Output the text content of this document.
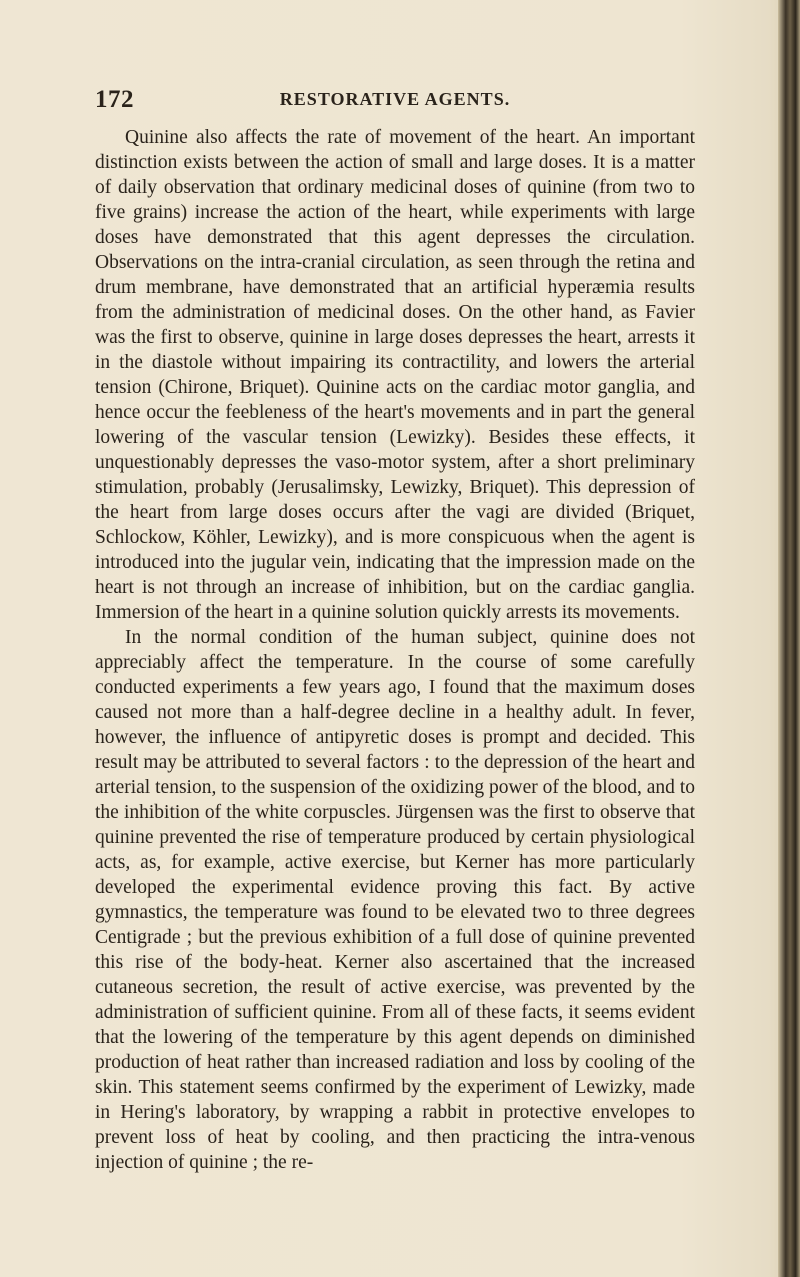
172	RESTORATIVE AGENTS.

Quinine also affects the rate of movement of the heart. An important distinction exists between the action of small and large doses. It is a matter of daily observation that ordinary medicinal doses of quinine (from two to five grains) increase the action of the heart, while experiments with large doses have demonstrated that this agent depresses the circulation. Observations on the intra-cranial circulation, as seen through the retina and drum membrane, have demonstrated that an artificial hyperæmia results from the administration of medicinal doses. On the other hand, as Favier was the first to observe, quinine in large doses depresses the heart, arrests it in the diastole without impairing its contractility, and lowers the arterial tension (Chirone, Briquet). Quinine acts on the cardiac motor ganglia, and hence occur the feebleness of the heart's movements and in part the general lowering of the vascular tension (Lewizky). Besides these effects, it unquestionably depresses the vaso-motor system, after a short preliminary stimulation, probably (Jerusalimsky, Lewizky, Briquet). This depression of the heart from large doses occurs after the vagi are divided (Briquet, Schlockow, Köhler, Lewizky), and is more conspicuous when the agent is introduced into the jugular vein, indicating that the impression made on the heart is not through an increase of inhibition, but on the cardiac ganglia. Immersion of the heart in a quinine solution quickly arrests its movements.

In the normal condition of the human subject, quinine does not appreciably affect the temperature. In the course of some carefully conducted experiments a few years ago, I found that the maximum doses caused not more than a half-degree decline in a healthy adult. In fever, however, the influence of antipyretic doses is prompt and decided. This result may be attributed to several factors : to the depression of the heart and arterial tension, to the suspension of the oxidizing power of the blood, and to the inhibition of the white corpuscles. Jürgensen was the first to observe that quinine prevented the rise of temperature produced by certain physiological acts, as, for example, active exercise, but Kerner has more particularly developed the experimental evidence proving this fact. By active gymnastics, the temperature was found to be elevated two to three degrees Centigrade ; but the previous exhibition of a full dose of quinine prevented this rise of the body-heat. Kerner also ascertained that the increased cutaneous secretion, the result of active exercise, was prevented by the administration of sufficient quinine. From all of these facts, it seems evident that the lowering of the temperature by this agent depends on diminished production of heat rather than increased radiation and loss by cooling of the skin. This statement seems confirmed by the experiment of Lewizky, made in Hering's laboratory, by wrapping a rabbit in protective envelopes to prevent loss of heat by cooling, and then practicing the intra-venous injection of quinine ; the re-
